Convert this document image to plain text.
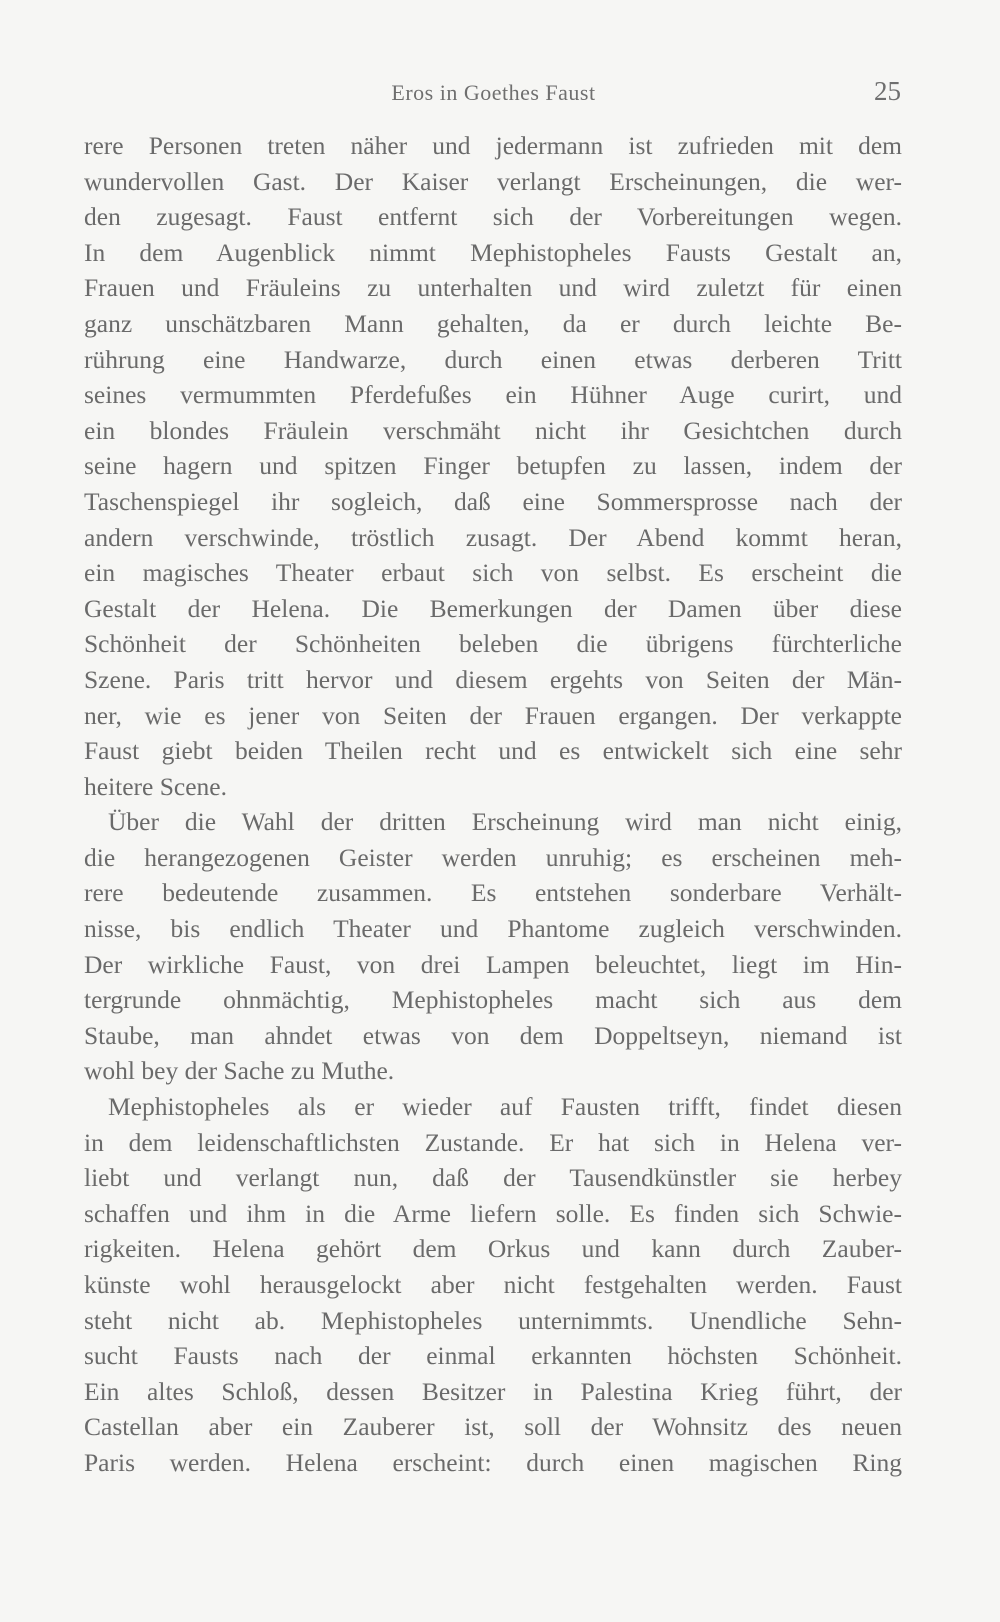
Eros in Goethes Faust	25
rere Personen treten näher und jedermann ist zufrieden mit dem
wundervollen Gast. Der Kaiser verlangt Erscheinungen, die wer-
den zugesagt. Faust entfernt sich der Vorbereitungen wegen.
In dem Augenblick nimmt Mephistopheles Fausts Gestalt an,
Frauen und Fräuleins zu unterhalten und wird zuletzt für einen
ganz unschätzbaren Mann gehalten, da er durch leichte Be-
rührung eine Handwarze, durch einen etwas derberen Tritt
seines vermummten Pferdefußes ein Hühner Auge curirt, und
ein blondes Fräulein verschmäht nicht ihr Gesichtchen durch
seine hagern und spitzen Finger betupfen zu lassen, indem der
Taschenspiegel ihr sogleich, daß eine Sommersprosse nach der
andern verschwinde, tröstlich zusagt. Der Abend kommt heran,
ein magisches Theater erbaut sich von selbst. Es erscheint die
Gestalt der Helena. Die Bemerkungen der Damen über diese
Schönheit der Schönheiten beleben die übrigens fürchterliche
Szene. Paris tritt hervor und diesem ergehts von Seiten der Män-
ner, wie es jener von Seiten der Frauen ergangen. Der verkappte
Faust giebt beiden Theilen recht und es entwickelt sich eine sehr
heitere Scene.
Über die Wahl der dritten Erscheinung wird man nicht einig,
die herangezogenen Geister werden unruhig; es erscheinen meh-
rere bedeutende zusammen. Es entstehen sonderbare Verhält-
nisse, bis endlich Theater und Phantome zugleich verschwinden.
Der wirkliche Faust, von drei Lampen beleuchtet, liegt im Hin-
tergrunde ohnmächtig, Mephistopheles macht sich aus dem
Staube, man ahndet etwas von dem Doppeltseyn, niemand ist
wohl bey der Sache zu Muthe.
Mephistopheles als er wieder auf Fausten trifft, findet diesen
in dem leidenschaftlichsten Zustande. Er hat sich in Helena ver-
liebt und verlangt nun, daß der Tausendkünstler sie herbey
schaffen und ihm in die Arme liefern solle. Es finden sich Schwie-
rigkeiten. Helena gehört dem Orkus und kann durch Zauber-
künste wohl herausgelockt aber nicht festgehalten werden. Faust
steht nicht ab. Mephistopheles unternimmts. Unendliche Sehn-
sucht Fausts nach der einmal erkannten höchsten Schönheit.
Ein altes Schloß, dessen Besitzer in Palestina Krieg führt, der
Castellan aber ein Zauberer ist, soll der Wohnsitz des neuen
Paris werden. Helena erscheint: durch einen magischen Ring
